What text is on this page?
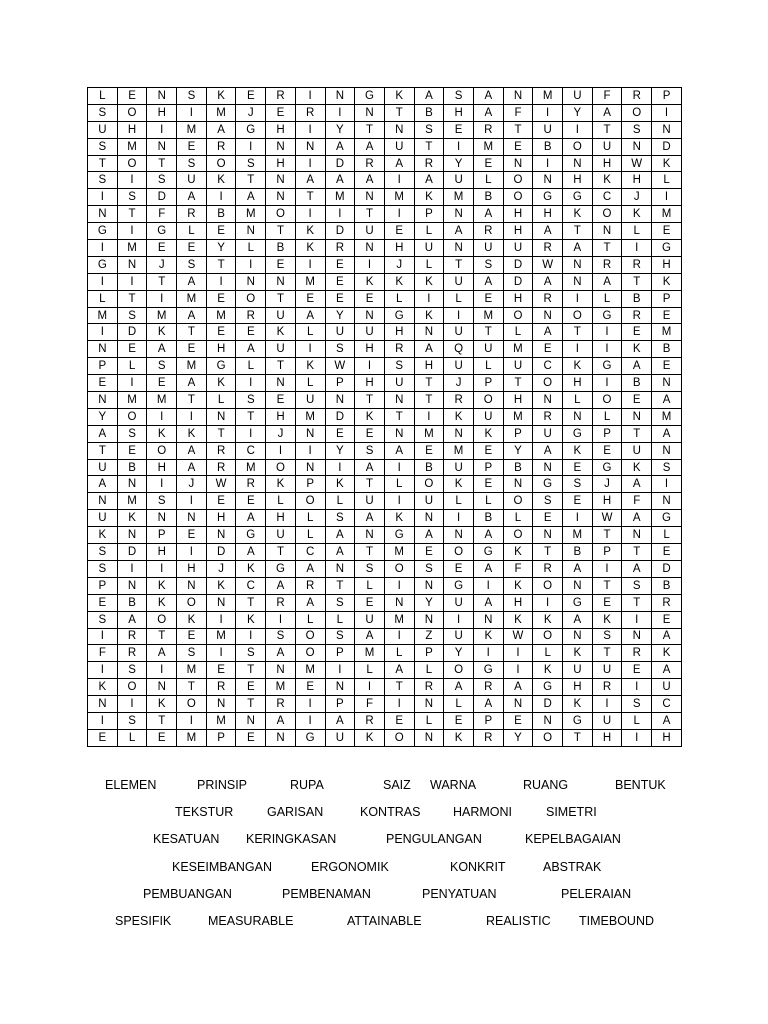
L	E	N	S	K	E	R	I	N	G	K	A	S	A	N	M	U	F	R	P
S	O	H	I	M	J	E	R	I	N	T	B	H	A	F	I	Y	A	O	I
U	H	I	M	A	G	H	I	Y	T	N	S	E	R	T	U	I	T	S	N
S	M	N	E	R	I	N	N	A	A	U	T	I	M	E	B	O	U	N	D
T	O	T	S	O	S	H	I	D	R	A	R	Y	E	N	I	N	H	W	K
S	I	S	U	K	T	N	A	A	A	I	A	U	L	O	N	H	K	H	L
I	S	D	A	I	A	N	T	M	N	M	K	M	B	O	G	G	C	J	I
N	T	F	R	B	M	O	I	I	T	I	P	N	A	H	H	K	O	K	M
G	I	G	L	E	N	T	K	D	U	E	L	A	R	H	A	T	N	L	E
I	M	E	E	Y	L	B	K	R	N	H	U	N	U	U	R	A	T	I	G
G	N	J	S	T	I	E	I	E	I	J	L	T	S	D	W	N	R	R	H
I	I	T	A	I	N	N	M	E	K	K	K	U	A	D	A	N	A	T	K
L	T	I	M	E	O	T	E	E	E	L	I	L	E	H	R	I	L	B	P
M	S	M	A	M	R	U	A	Y	N	G	K	I	M	O	N	O	G	R	E
I	D	K	T	E	E	K	L	U	U	H	N	U	T	L	A	T	I	E	M
N	E	A	E	H	A	U	I	S	H	R	A	Q	U	M	E	I	I	K	B
P	L	S	M	G	L	T	K	W	I	S	H	U	L	U	C	K	G	A	E
E	I	E	A	K	I	N	L	P	H	U	T	J	P	T	O	H	I	B	N
N	M	M	T	L	S	E	U	N	T	N	T	R	O	H	N	L	O	E	A
Y	O	I	I	N	T	H	M	D	K	T	I	K	U	M	R	N	L	N	M
A	S	K	K	T	I	J	N	E	E	N	M	N	K	P	U	G	P	T	A
T	E	O	A	R	C	I	I	Y	S	A	E	M	E	Y	A	K	E	U	N
U	B	H	A	R	M	O	N	I	A	I	B	U	P	B	N	E	G	K	S
A	N	I	J	W	R	K	P	K	T	L	O	K	E	N	G	S	J	A	I
N	M	S	I	E	E	L	O	L	U	I	U	L	L	O	S	E	H	F	N
U	K	N	N	H	A	H	L	S	A	K	N	I	B	L	E	I	W	A	G
K	N	P	E	N	G	U	L	A	N	G	A	N	A	O	N	M	T	N	L
S	D	H	I	D	A	T	C	A	T	M	E	O	G	K	T	B	P	T	E
S	I	I	H	J	K	G	A	N	S	O	S	E	A	F	R	A	I	A	D
P	N	K	N	K	C	A	R	T	L	I	N	G	I	K	O	N	T	S	B
E	B	K	O	N	T	R	A	S	E	N	Y	U	A	H	I	G	E	T	R
S	A	O	K	I	K	I	L	L	U	M	N	I	N	K	K	A	K	I	E
I	R	T	E	M	I	S	O	S	A	I	Z	U	K	W	O	N	S	N	A
F	R	A	S	I	S	A	O	P	M	L	P	Y	I	I	L	K	T	R	K
I	S	I	M	E	T	N	M	I	L	A	L	O	G	I	K	U	U	E	A
K	O	N	T	R	E	M	E	N	I	T	R	A	R	A	G	H	R	I	U
N	I	K	O	N	T	R	I	P	F	I	N	L	A	N	D	K	I	S	C
I	S	T	I	M	N	A	I	A	R	E	L	E	P	E	N	G	U	L	A
E	L	E	M	P	E	N	G	U	K	O	N	K	R	Y	O	T	H	I	H
ELEMEN	PRINSIP	RUPA	SAIZ WARNA	RUANG	BENTUK
TEKSTUR	GARISAN	KONTRAS	HARMONI	SIMETRI
KESATUAN KERINGKASAN	PENGULANGAN	KEPELBAGAIAN
KESEIMBANGAN	ERGONOMIK	KONKRIT	ABSTRAK
PEMBUANGAN	PEMBENAMAN	PENYATUAN	PELERAIAN
SPESIFIK	MEASURABLE	ATTAINABLE	REALISTIC TIMEBOUND
